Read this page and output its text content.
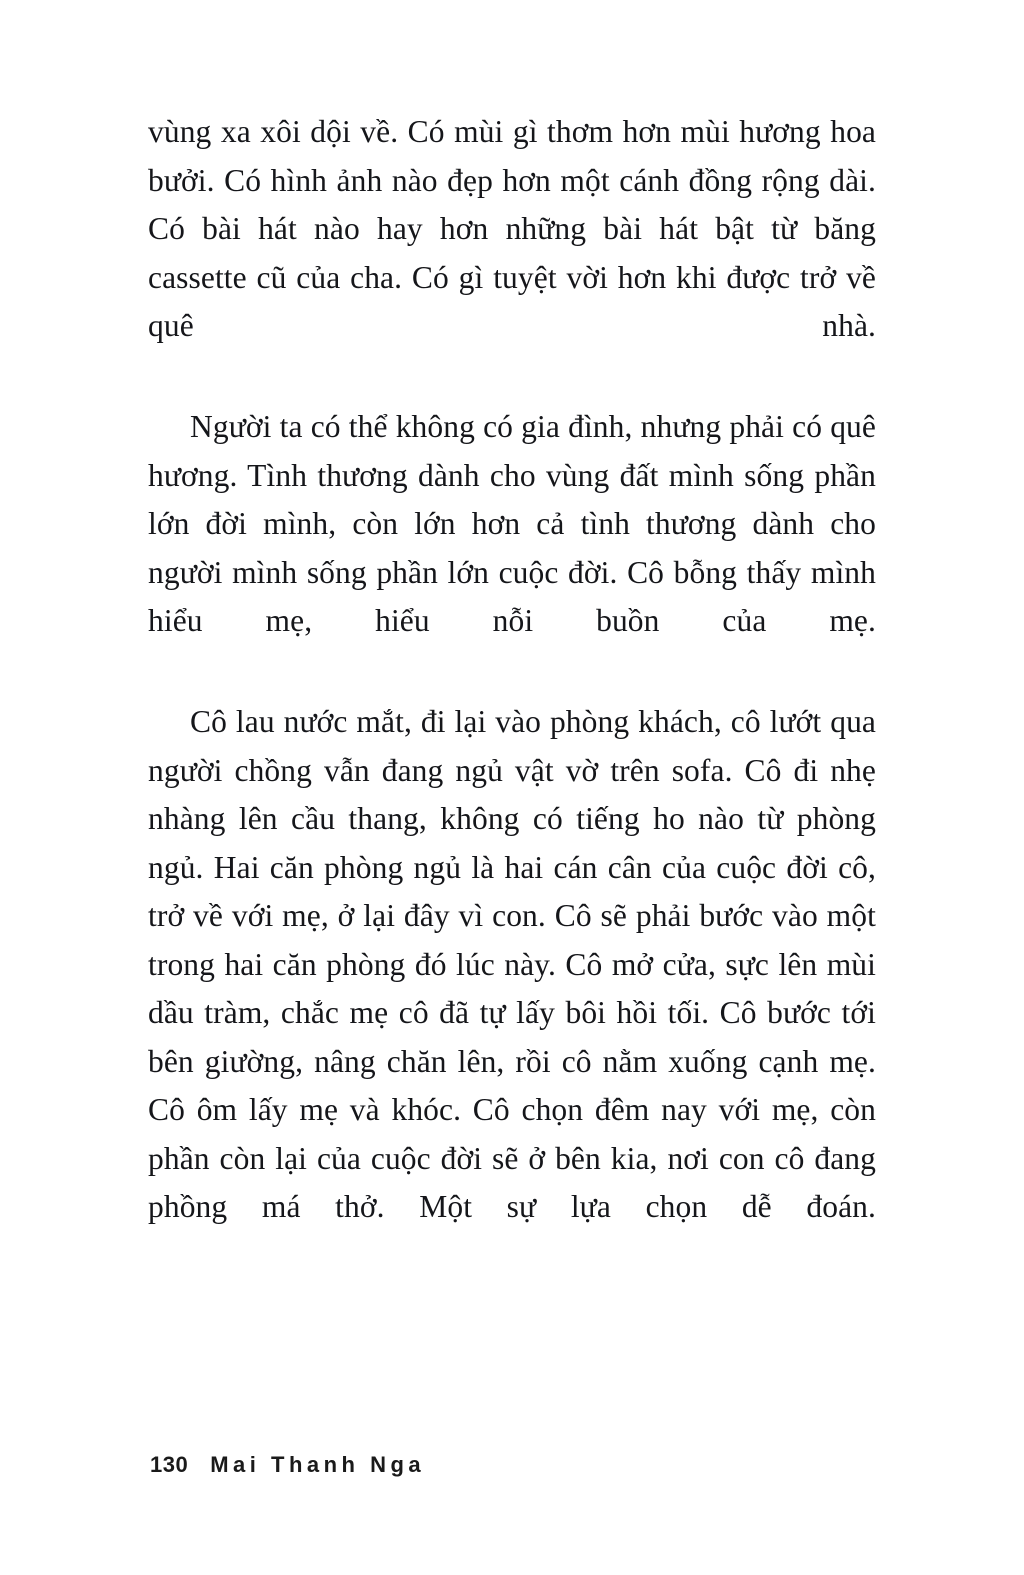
vùng xa xôi dội về. Có mùi gì thơm hơn mùi hương hoa bưởi. Có hình ảnh nào đẹp hơn một cánh đồng rộng dài. Có bài hát nào hay hơn những bài hát bật từ băng cassette cũ của cha. Có gì tuyệt vời hơn khi được trở về quê nhà.

Người ta có thể không có gia đình, nhưng phải có quê hương. Tình thương dành cho vùng đất mình sống phần lớn đời mình, còn lớn hơn cả tình thương dành cho người mình sống phần lớn cuộc đời. Cô bỗng thấy mình hiểu mẹ, hiểu nỗi buồn của mẹ.

Cô lau nước mắt, đi lại vào phòng khách, cô lướt qua người chồng vẫn đang ngủ vật vờ trên sofa. Cô đi nhẹ nhàng lên cầu thang, không có tiếng ho nào từ phòng ngủ. Hai căn phòng ngủ là hai cán cân của cuộc đời cô, trở về với mẹ, ở lại đây vì con. Cô sẽ phải bước vào một trong hai căn phòng đó lúc này. Cô mở cửa, sực lên mùi dầu tràm, chắc mẹ cô đã tự lấy bôi hồi tối. Cô bước tới bên giường, nâng chăn lên, rồi cô nằm xuống cạnh mẹ. Cô ôm lấy mẹ và khóc. Cô chọn đêm nay với mẹ, còn phần còn lại của cuộc đời sẽ ở bên kia, nơi con cô đang phồng má thở. Một sự lựa chọn dễ đoán.

130 Mai Thanh Nga
